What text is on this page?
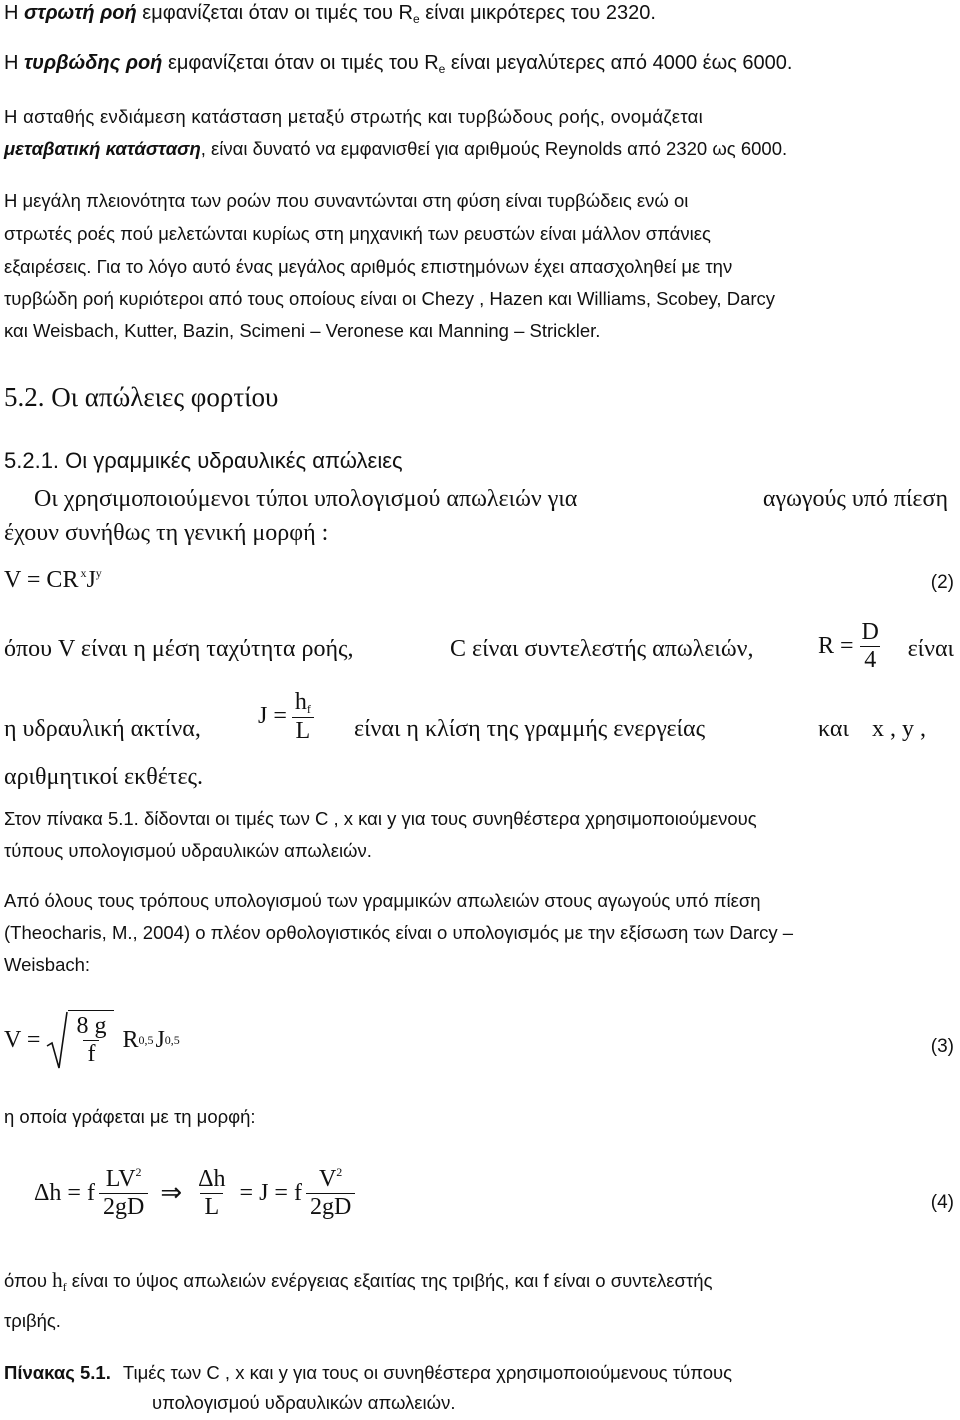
Η στρωτή ροή εμφανίζεται όταν οι τιμές του $R_e$ είναι μικρότερες του 2320.
Η τυρβώδης ροή εμφανίζεται όταν οι τιμές του $R_e$ είναι μεγαλύτερες από 4000 έως 6000.
Η ασταθής ενδιάμεση κατάσταση μεταξύ στρωτής και τυρβώδους ροής, ονομάζεται
μεταβατική κατάσταση, είναι δυνατό να εμφανισθεί για αριθμούς Reynolds από 2320 ως 6000.
Η μεγάλη πλειονότητα των ροών που συναντώνται στη φύση είναι τυρβώδεις ενώ οι
στρωτές ροές πού μελετώνται κυρίως στη μηχανική των ρευστών είναι μάλλον σπάνιες
εξαιρέσεις. Για το λόγο αυτό ένας μεγάλος αριθμός επιστημόνων έχει απασχοληθεί με την
τυρβώδη ροή κυριότεροι από τους οποίους είναι οι Chezy , Hazen και Williams, Scobey, Darcy
και Weisbach, Kutter, Bazin, Scimeni – Veronese και Manning – Strickler.
5.2. Οι απώλειες φορτίου
5.2.1. Οι γραμμικές υδραυλικές απώλειες
Οι χρησιμοποιούμενοι τύποι υπολογισμού απωλειών για	αγωγούς υπό πίεση
έχουν συνήθως τη γενική μορφή :
V = CR $^xJ^y$	(2)
όπου V είναι η μέση ταχύτητα ροής,	C είναι συντελεστής απωλειών,	$R = \frac{D}{4}$ είναι
η υδραυλική ακτίνα, $J = \frac{h_f}{L}$ είναι η κλίση της γραμμής ενεργείας	και x , y ,
αριθμητικοί εκθέτες.
Στον πίνακα 5.1. δίδονται οι τιμές των C , x και y για τους συνηθέστερα χρησιμοποιούμενους
τύπους υπολογισμού υδραυλικών απωλειών.
Από όλους τους τρόπους υπολογισμού των γραμμικών απωλειών στους αγωγούς υπό πίεση
(Theocharis, M., 2004) ο πλέον ορθολογιστικός είναι ο υπολογισμός με την εξίσωση των Darcy –
Weisbach:
$V = \frac{8 g}{f}$ R 0,5 J 0,5	(3)
η οποία γράφεται με τη μορφή:
Δh = f $\frac{LV^2}{2gD}$ ⇒ $\frac{\Delta h}{L} = J = f \frac{V^2}{2gD}$	(4)
όπου $h_f$ είναι το ύψος απωλειών ενέργειας εξαιτίας της τριβής, και f είναι ο συντελεστής
τριβής.
Πίνακας 5.1. Τιμές των C , x και y για τους οι συνηθέστερα χρησιμοποιούμενους τύπους
υπολογισμού υδραυλικών απωλειών.
